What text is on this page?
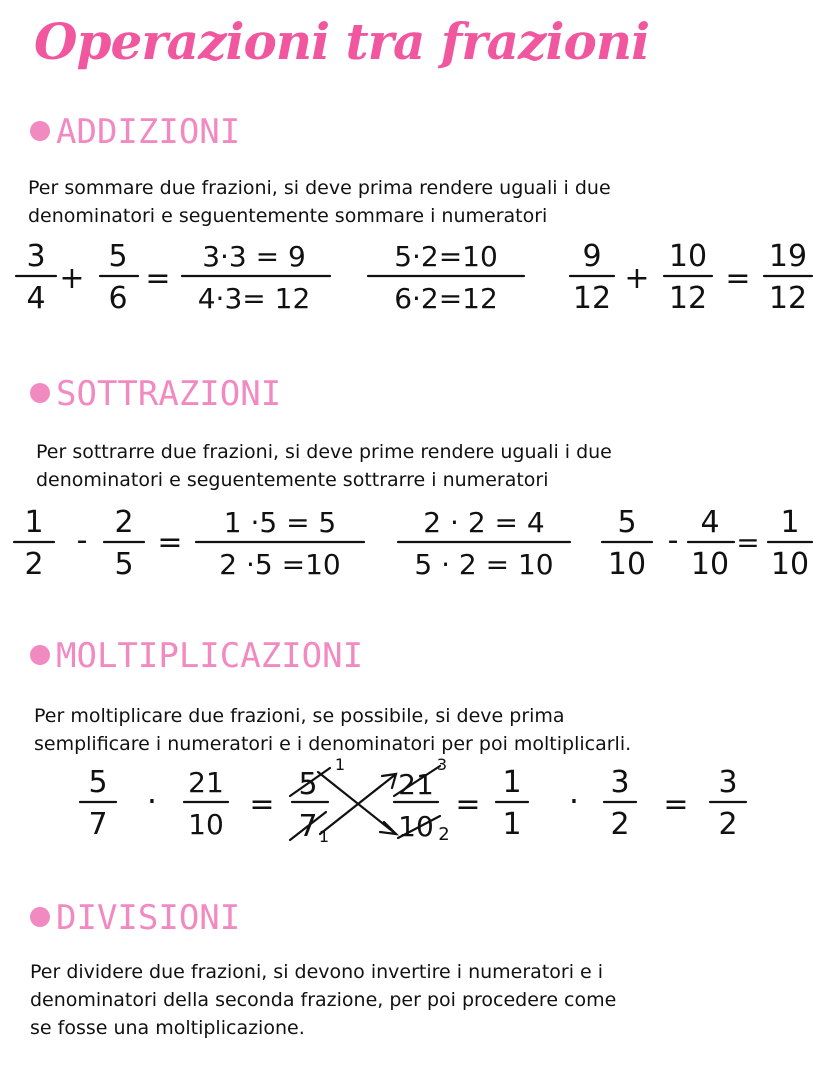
Operazioni tra frazioni
ADDIZIONI
Per sommare due frazioni, si deve prima rendere uguali i due
denominatori e seguentemente sommare i numeratori
3
4
+
5
6
=
3·3 = 9
4·3= 12
5·2=10
6·2=12
9
12
+
10
12
=
19
12
SOTTRAZIONI
Per sottrarre due frazioni, si deve prime rendere uguali i due
denominatori e seguentemente sottrarre i numeratori
1
2
-
2
5
=
1 ·5 = 5
2 ·5 =10
2 · 2 = 4
5 · 2 = 10
5
10
-
4
10
=
1
10
MOLTIPLICAZIONI
Per moltiplicare due frazioni, se possibile, si deve prima
semplificare i numeratori e i denominatori per poi moltiplicarli.
5
7
· 21
10
=
5
1
7 1
21
3
10 2
=
1
1
· 3
2
=
3
2
DIVISIONI
Per dividere due frazioni, si devono invertire i numeratori e i
denominatori della seconda frazione, per poi procedere come
se fosse una moltiplicazione.
